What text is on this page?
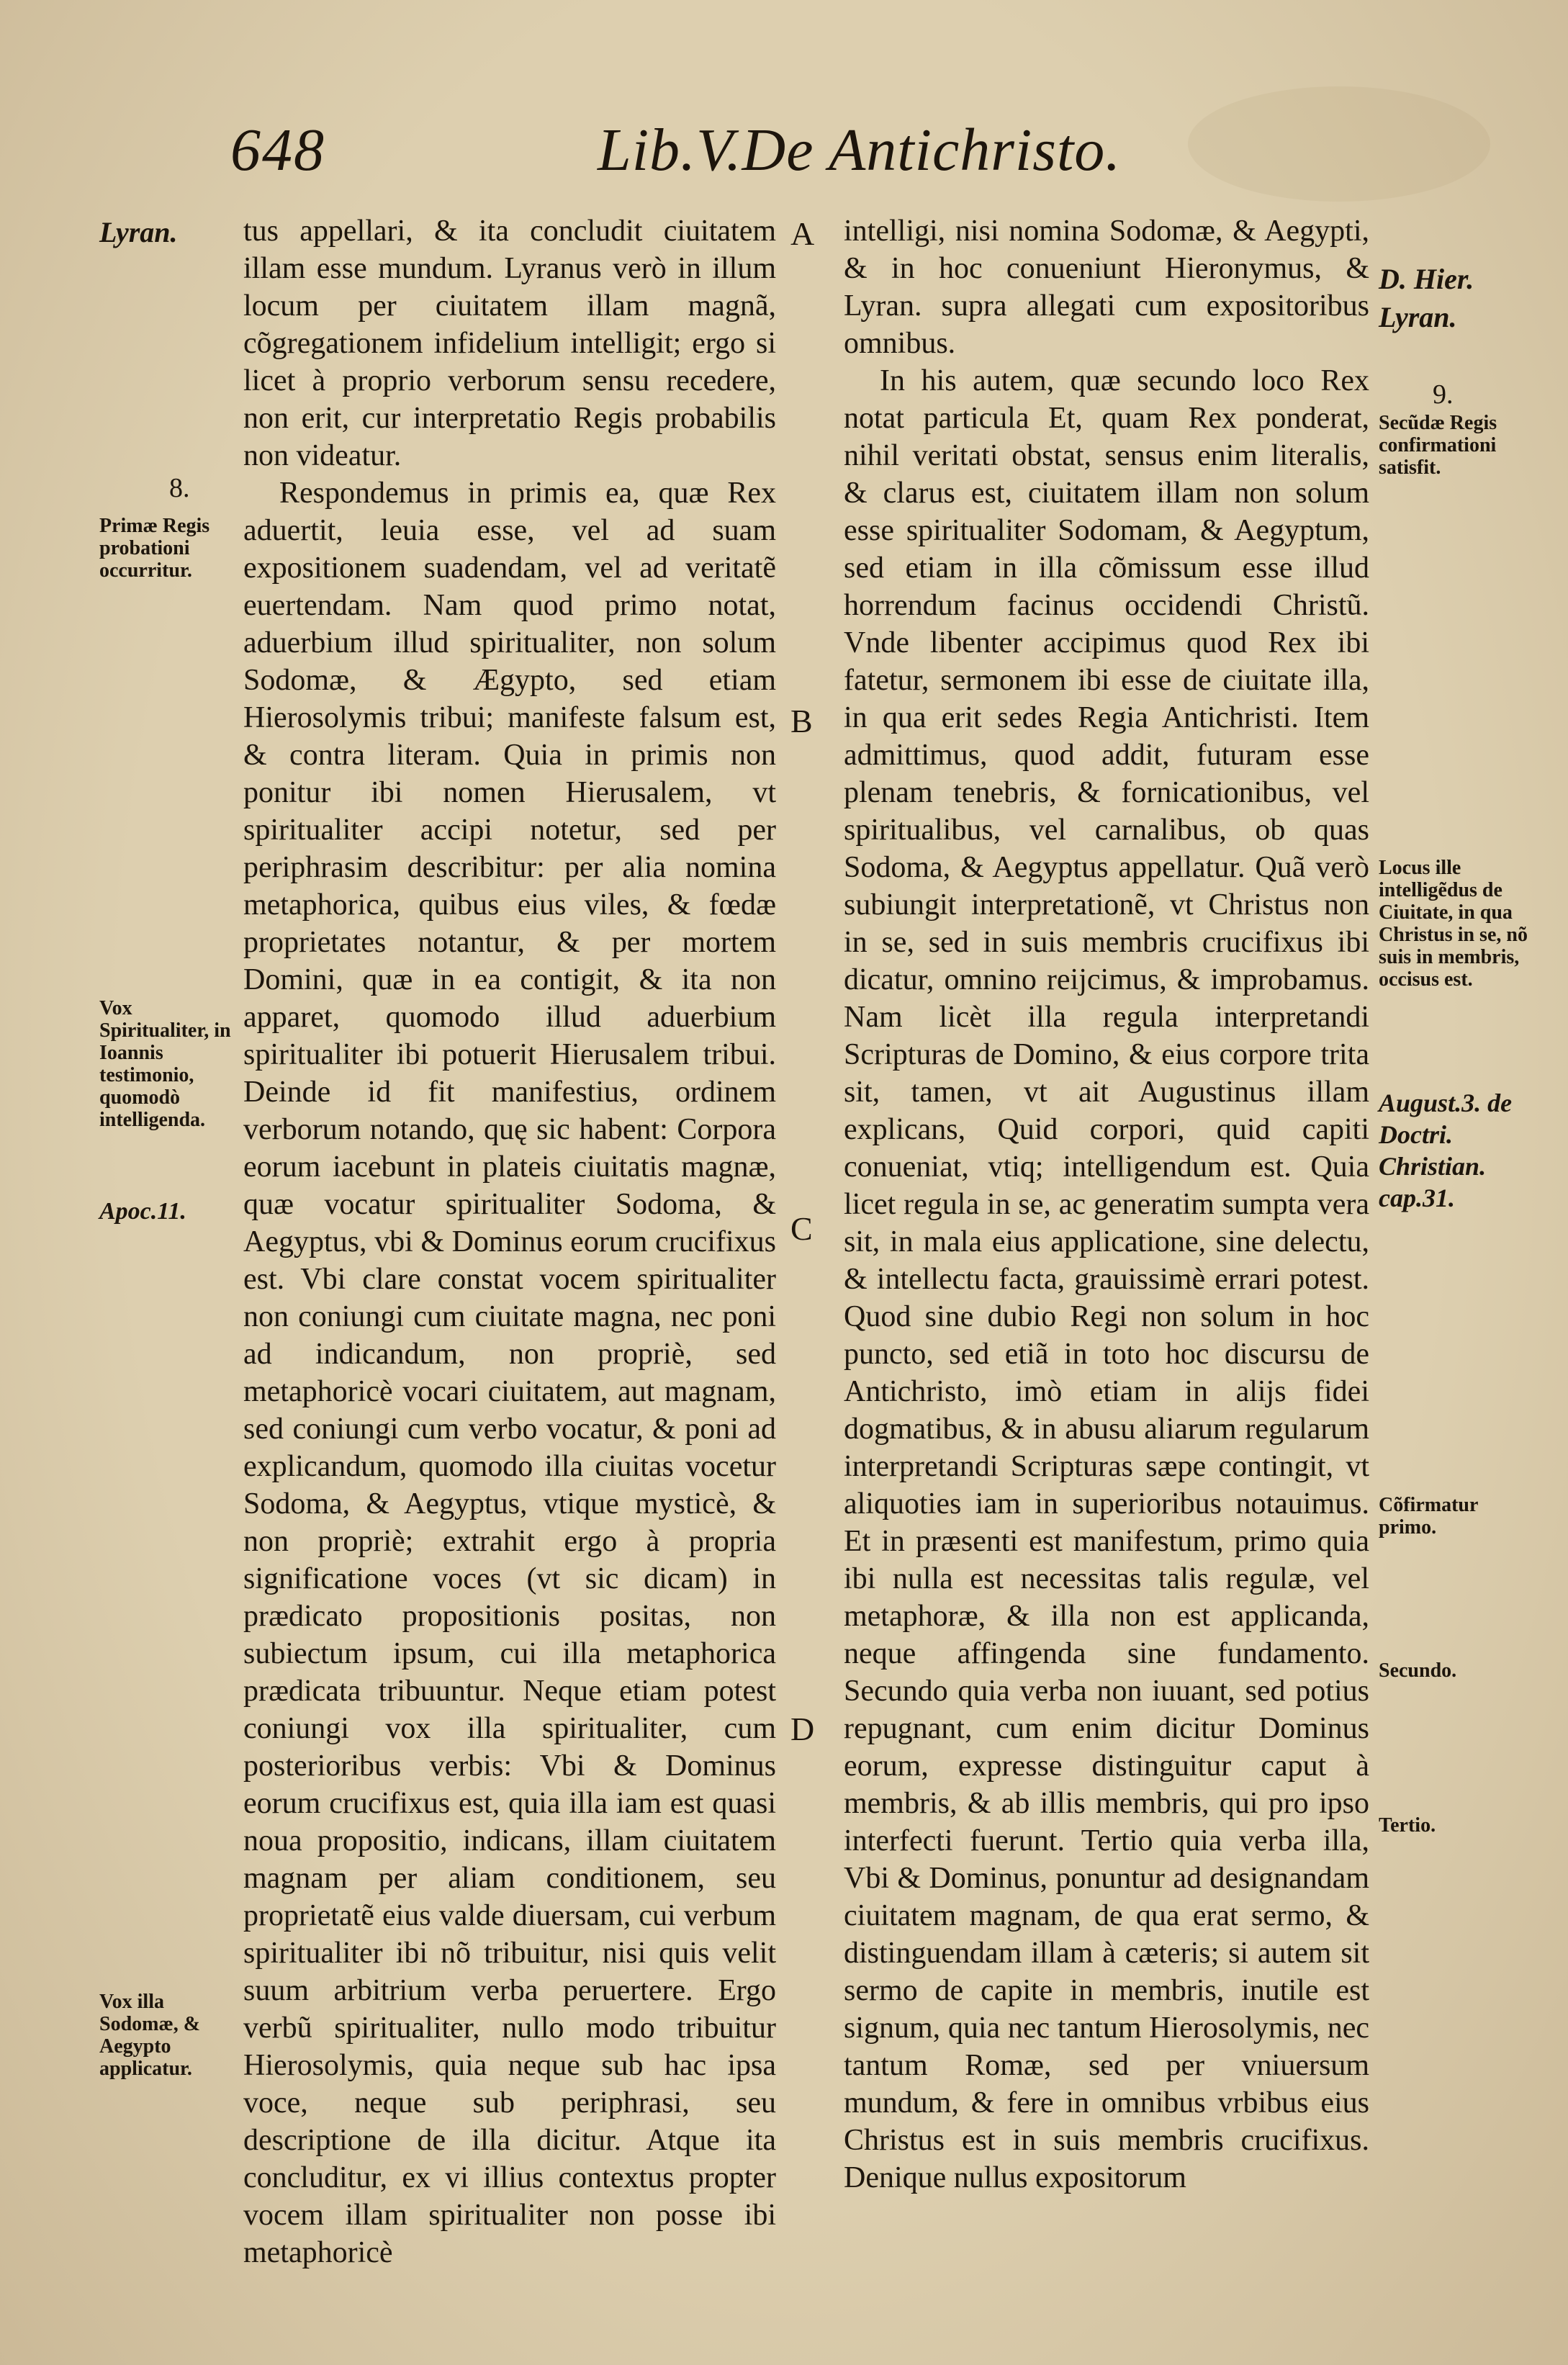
648	Lib.V.De Antichristo.
Lyran.
8.
Primæ Regis probationi occurritur.
Vox Spiritualiter, in Ioannis testimonio, quomodò intelligenda.
Apoc.11.
Vox illa Sodomæ, & Aegypto applicatur.
A
B
C
D

tus appellari, & ita concludit ciuitatem illam esse mundum. Lyranus verò in illum locum per ciuitatem illam magnã, cõgregationem infidelium intelligit; ergo si licet à proprio verborum sensu recedere, non erit, cur interpretatio Regis probabilis non videatur.

Respondemus in primis ea, quæ Rex aduertit, leuia esse, vel ad suam expositionem suadendam, vel ad veritatẽ euertendam. Nam quod primo notat, aduerbium illud spiritualiter, non solum Sodomæ, & Ægypto, sed etiam Hierosolymis tribui; manifeste falsum est, & contra literam. Quia in primis non ponitur ibi nomen Hierusalem, vt spiritualiter accipi notetur, sed per periphrasim describitur: per alia nomina metaphorica, quibus eius viles, & fœdæ proprietates notantur, & per mortem Domini, quæ in ea contigit, & ita non apparet, quomodo illud aduerbium spiritualiter ibi potuerit Hierusalem tribui. Deinde id fit manifestius, ordinem verborum notando, quę sic habent: Corpora eorum iacebunt in plateis ciuitatis magnæ, quæ vocatur spiritualiter Sodoma, & Aegyptus, vbi & Dominus eorum crucifixus est. Vbi clare constat vocem spiritualiter non coniungi cum ciuitate magna, nec poni ad indicandum, non propriè, sed metaphoricè vocari ciuitatem, aut magnam, sed coniungi cum verbo vocatur, & poni ad explicandum, quomodo illa ciuitas vocetur Sodoma, & Aegyptus, vtique mysticè, & non propriè; extrahit ergo à propria significatione voces (vt sic dicam) in prædicato propositionis positas, non subiectum ipsum, cui illa metaphorica prædicata tribuuntur. Neque etiam potest coniungi vox illa spiritualiter, cum posterioribus verbis: Vbi & Dominus eorum crucifixus est, quia illa iam est quasi noua propositio, indicans, illam ciuitatem magnam per aliam conditionem, seu proprietatẽ eius valde diuersam, cui verbum spiritualiter ibi nõ tribuitur, nisi quis velit suum arbitrium verba peruertere. Ergo verbũ spiritualiter, nullo modo tribuitur Hierosolymis, quia neque sub hac ipsa voce, neque sub periphrasi, seu descriptione de illa dicitur. Atque ita concluditur, ex vi illius contextus propter vocem illam spiritualiter non posse ibi metaphoricè

intelligi, nisi nomina Sodomæ, & Aegypti, & in hoc conueniunt Hieronymus, & Lyran. supra allegati cum expositoribus omnibus.

In his autem, quæ secundo loco Rex notat particula Et, quam Rex ponderat, nihil veritati obstat, sensus enim literalis, & clarus est, ciuitatem illam non solum esse spiritualiter Sodomam, & Aegyptum, sed etiam in illa cõmissum esse illud horrendum facinus occidendi Christũ. Vnde libenter accipimus quod Rex ibi fatetur, sermonem ibi esse de ciuitate illa, in qua erit sedes Regia Antichristi. Item admittimus, quod addit, futuram esse plenam tenebris, & fornicationibus, vel spiritualibus, vel carnalibus, ob quas Sodoma, & Aegyptus appellatur. Quã verò subiungit interpretationẽ, vt Christus non in se, sed in suis membris crucifixus ibi dicatur, omnino reijcimus, & improbamus. Nam licèt illa regula interpretandi Scripturas de Domino, & eius corpore trita sit, tamen, vt ait Augustinus illam explicans, Quid corpori, quid capiti conueniat, vtiq; intelligendum est. Quia licet regula in se, ac generatim sumpta vera sit, in mala eius applicatione, sine delectu, & intellectu facta, grauissimè errari potest. Quod sine dubio Regi non solum in hoc puncto, sed etiã in toto hoc discursu de Antichristo, imò etiam in alijs fidei dogmatibus, & in abusu aliarum regularum interpretandi Scripturas sæpe contingit, vt aliquoties iam in superioribus notauimus. Et in præsenti est manifestum, primo quia ibi nulla est necessitas talis regulæ, vel metaphoræ, & illa non est applicanda, neque affingenda sine fundamento. Secundo quia verba non iuuant, sed potius repugnant, cum enim dicitur Dominus eorum, expresse distinguitur caput à membris, & ab illis membris, qui pro ipso interfecti fuerunt. Tertio quia verba illa, Vbi & Dominus, ponuntur ad designandam ciuitatem magnam, de qua erat sermo, & distinguendam illam à cæteris; si autem sit sermo de capite in membris, inutile est signum, quia nec tantum Hierosolymis, nec tantum Romæ, sed per vniuersum mundum, & fere in omnibus vrbibus eius Christus est in suis membris crucifixus. Denique nullus expositorum

D. Hier.
Lyran.
9.
Secũdæ Regis confirmationi satisfit.
Locus ille intelligẽdus de Ciuitate, in qua Christus in se, nõ suis in membris, occisus est.
August.3. de Doctri. Christian. cap.31.
Cõfirmatur primo.
Secundo.
Tertio.
